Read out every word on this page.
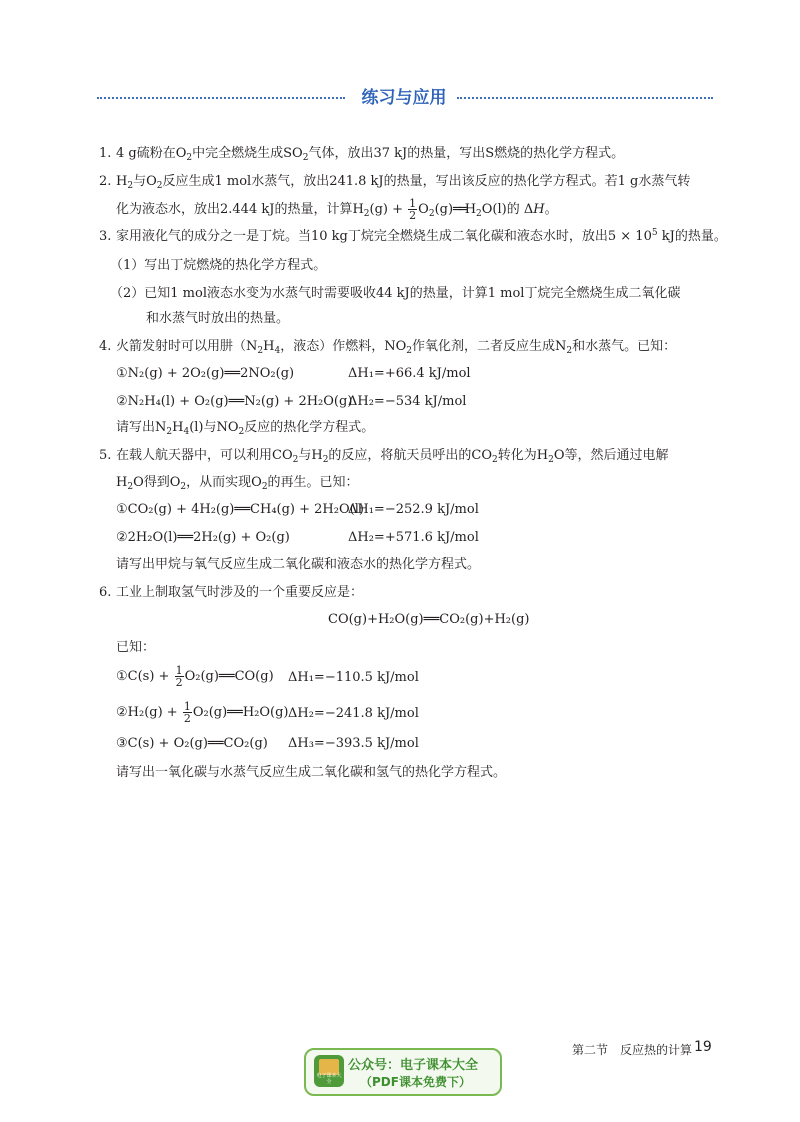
练习与应用
1. 4 g硫粉在$O_2$中完全燃烧生成$SO_2$气体，放出37 kJ的热量，写出S燃烧的热化学方程式。
2. $H_2$与$O_2$反应生成1 mol水蒸气，放出241.8 kJ的热量，写出该反应的热化学方程式。若1 g水蒸气转
化为液态水，放出2.444 kJ的热量，计算$H_2(g) + \frac{1}{2}$ $O_2(g)══H_2O(l)$的 ΔH。
3. 家用液化气的成分之一是丁烷。当10 kg丁烷完全燃烧生成二氧化碳和液态水时，放出$5 \times 10^5$ kJ的热量。
（1）写出丁烷燃烧的热化学方程式。
（2）已知1 mol液态水变为水蒸气时需要吸收44 kJ的热量，计算1 mol丁烷完全燃烧生成二氧化碳
和水蒸气时放出的热量。
4. 火箭发射时可以用肼（$N_2H_4$，液态）作燃料，$NO_2$作氧化剂，二者反应生成$N_2$和水蒸气。已知：
①N₂(g) + 2O₂(g)══2NO₂(g)	ΔH₁=+66.4 kJ/mol
②N₂H₄(l) + O₂(g)══N₂(g) + 2H₂O(g)
ΔH₂=−534 kJ/mol
请写出$N_2H_4(l)$与$NO_2$反应的热化学方程式。
5. 在载人航天器中，可以利用$CO_2$与$H_2$的反应，将航天员呼出的$CO_2$转化为$H_2O$等，然后通过电解
$H_2O$得到$O_2$，从而实现$O_2$的再生。已知：
①CO₂(g) + 4H₂(g)══CH₄(g) + 2H₂O(l)
ΔH₁=−252.9 kJ/mol
②2H₂O(l)══2H₂(g) + O₂(g)	ΔH₂=+571.6 kJ/mol
请写出甲烷与氧气反应生成二氧化碳和液态水的热化学方程式。
6. 工业上制取氢气时涉及的一个重要反应是：
CO(g)+H₂O(g)══CO₂(g)+H₂(g)
已知：
①C(s) + $\frac{1}{2}$ O₂(g)══CO(g) ΔH₁=−110.5 kJ/mol
②H₂(g) + $\frac{1}{2}$ O₂(g)══H₂O(g) ΔH₂=−241.8 kJ/mol
③C(s) + O₂(g)══CO₂(g) ΔH₃=−393.5 kJ/mol
请写出一氧化碳与水蒸气反应生成二氧化碳和氢气的热化学方程式。
第二节　反应热的计算 19
电子课本大全
公众号：电子课本大全
（PDF课本免费下）
